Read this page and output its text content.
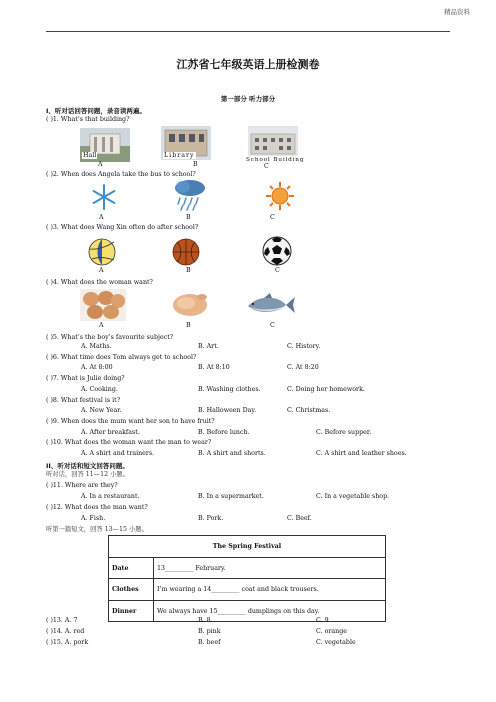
精品资料
江苏省七年级英语上册检测卷
第一部分 听力部分
I、听对话回答问题，录音读两遍。
( )1. What’s that building?
Hall	Library
School Building
A	B	C
( )2. When does Angela take the bus to school?
A	B	C
( )3. What does Wang Xin often do after school?
A	B	C
( )4. What does the woman want?
A	B	C
( )5. What’s the boy’s favourite subject?
A. Maths.	B. Art.	C. History.
( )6. What time does Tom always get to school?
A. At 8:00	B. At 8:10	C. At 8:20
( )7. What is Julie doing?
A. Cooking.	B. Washing clothes.	C. Doing her homework.
( )8. What festival is it?
A. New Year.	B. Halloween Day.	C. Christmas.
( )9. When does the mum want her son to have fruit?
A. After breakfast.	B. Before lunch.	C. Before supper.
( )10. What does the woman want the man to wear?
A. A shirt and trainers.	B. A shirt and shorts.	C. A shirt and leather shoes.
II、听对话和短文回答问题。
听对话，回答 11—12 小题。
( )11. Where are they?
A. In a restaurant.	B. In a supermarket.	C. In a vegetable shop.
( )12. What does the man want?
A. Fish.	B. Pork.	C. Beef.
听第一篇短文，回答 13—15 小题。
The Spring Festival	
Date	13_________ February.
Clothes	I’m wearing a 14_________ coat and black trousers.
Dinner	We always have 15_________ dumplings on this day.
( )13. A. 7	B. 8	C. 9
( )14. A. red	B. pink	C. orange
( )15. A. pork	B. beef	C. vegetable
